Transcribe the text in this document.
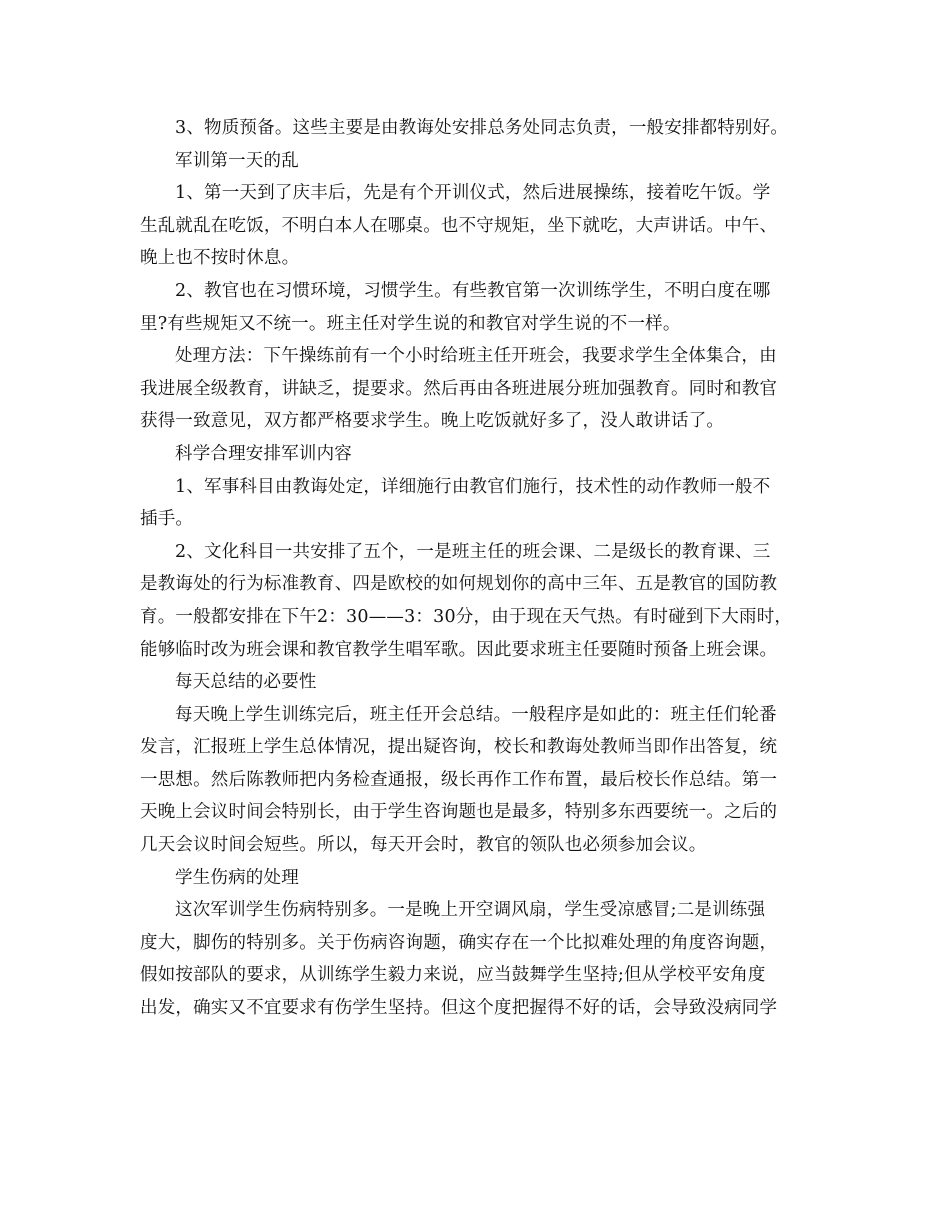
3、物质预备。这些主要是由教诲处安排总务处同志负责，一般安排都特别好。
军训第一天的乱
1、第一天到了庆丰后，先是有个开训仪式，然后进展操练，接着吃午饭。学
生乱就乱在吃饭，不明白本人在哪桌。也不守规矩，坐下就吃，大声讲话。中午、
晚上也不按时休息。
2、教官也在习惯环境，习惯学生。有些教官第一次训练学生，不明白度在哪
里?有些规矩又不统一。班主任对学生说的和教官对学生说的不一样。
处理方法：下午操练前有一个小时给班主任开班会，我要求学生全体集合，由
我进展全级教育，讲缺乏，提要求。然后再由各班进展分班加强教育。同时和教官
获得一致意见，双方都严格要求学生。晚上吃饭就好多了，没人敢讲话了。
科学合理安排军训内容
1、军事科目由教诲处定，详细施行由教官们施行，技术性的动作教师一般不
插手。
2、文化科目一共安排了五个，一是班主任的班会课、二是级长的教育课、三
是教诲处的行为标准教育、四是欧校的如何规划你的高中三年、五是教官的国防教
育。一般都安排在下午2：30——3：30分，由于现在天气热。有时碰到下大雨时，
能够临时改为班会课和教官教学生唱军歌。因此要求班主任要随时预备上班会课。
每天总结的必要性
每天晚上学生训练完后，班主任开会总结。一般程序是如此的：班主任们轮番
发言，汇报班上学生总体情况，提出疑咨询，校长和教诲处教师当即作出答复，统
一思想。然后陈教师把内务检查通报，级长再作工作布置，最后校长作总结。第一
天晚上会议时间会特别长，由于学生咨询题也是最多，特别多东西要统一。之后的
几天会议时间会短些。所以，每天开会时，教官的领队也必须参加会议。
学生伤病的处理
这次军训学生伤病特别多。一是晚上开空调风扇，学生受凉感冒;二是训练强
度大，脚伤的特别多。关于伤病咨询题，确实存在一个比拟难处理的角度咨询题，
假如按部队的要求，从训练学生毅力来说，应当鼓舞学生坚持;但从学校平安角度
出发，确实又不宜要求有伤学生坚持。但这个度把握得不好的话，会导致没病同学
